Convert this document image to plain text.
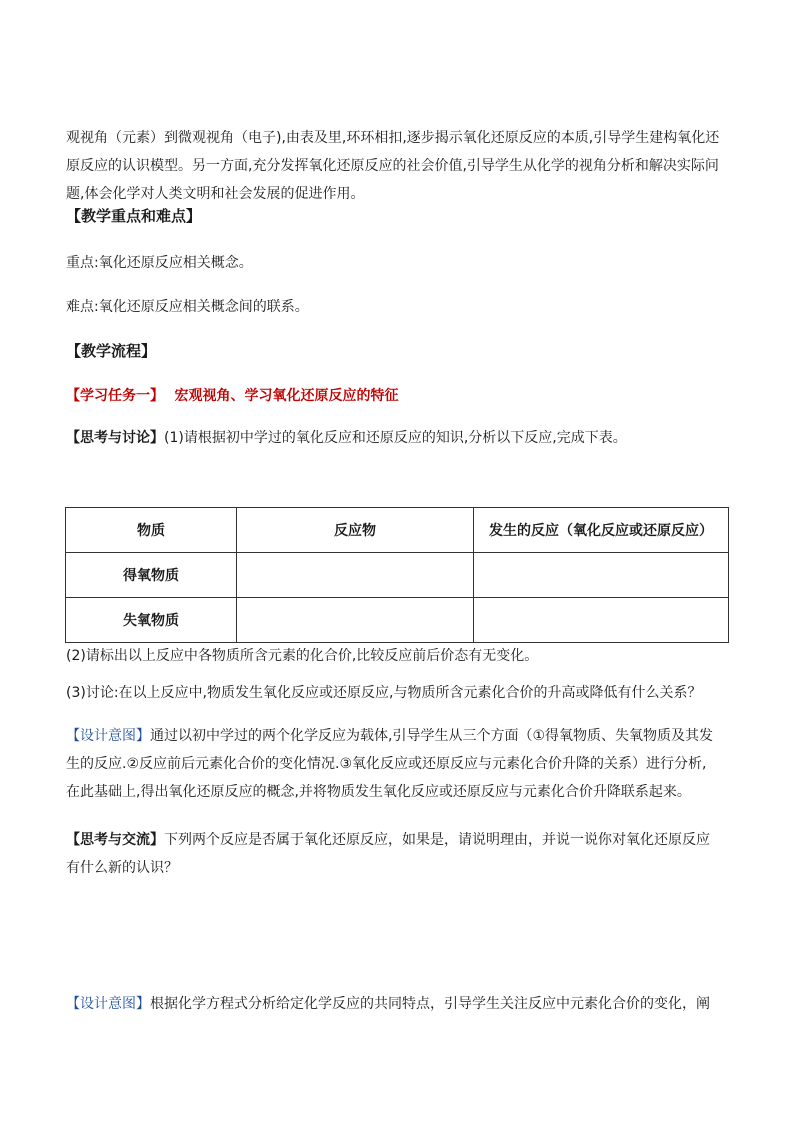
观视角（元素）到微观视角（电子),由表及里,环环相扣,逐步揭示氧化还原反应的本质,引导学生建构氧化还
原反应的认识模型。另一方面,充分发挥氧化还原反应的社会价值,引导学生从化学的视角分析和解决实际问
题,体会化学对人类文明和社会发展的促进作用。

【教学重点和难点】

重点:氧化还原反应相关概念。

难点:氧化还原反应相关概念间的联系。

【教学流程】

【学习任务一】 宏观视角、学习氧化还原反应的特征

【思考与讨论】(1)请根据初中学过的氧化反应和还原反应的知识,分析以下反应,完成下表。

物质	反应物	发生的反应（氧化反应或还原反应）
得氧物质		
失氧物质		

(2)请标出以上反应中各物质所含元素的化合价,比较反应前后价态有无变化。

(3)讨论:在以上反应中,物质发生氧化反应或还原反应,与物质所含元素化合价的升高或降低有什么关系？

【设计意图】通过以初中学过的两个化学反应为载体,引导学生从三个方面（①得氧物质、失氧物质及其发
生的反应.②反应前后元素化合价的变化情况.③氧化反应或还原反应与元素化合价升降的关系）进行分析,
在此基础上,得出氧化还原反应的概念,并将物质发生氧化反应或还原反应与元素化合价升降联系起来。

【思考与交流】下列两个反应是否属于氧化还原反应，如果是，请说明理由，并说一说你对氧化还原反应
有什么新的认识？

【设计意图】根据化学方程式分析给定化学反应的共同特点，引导学生关注反应中元素化合价的变化，阐
